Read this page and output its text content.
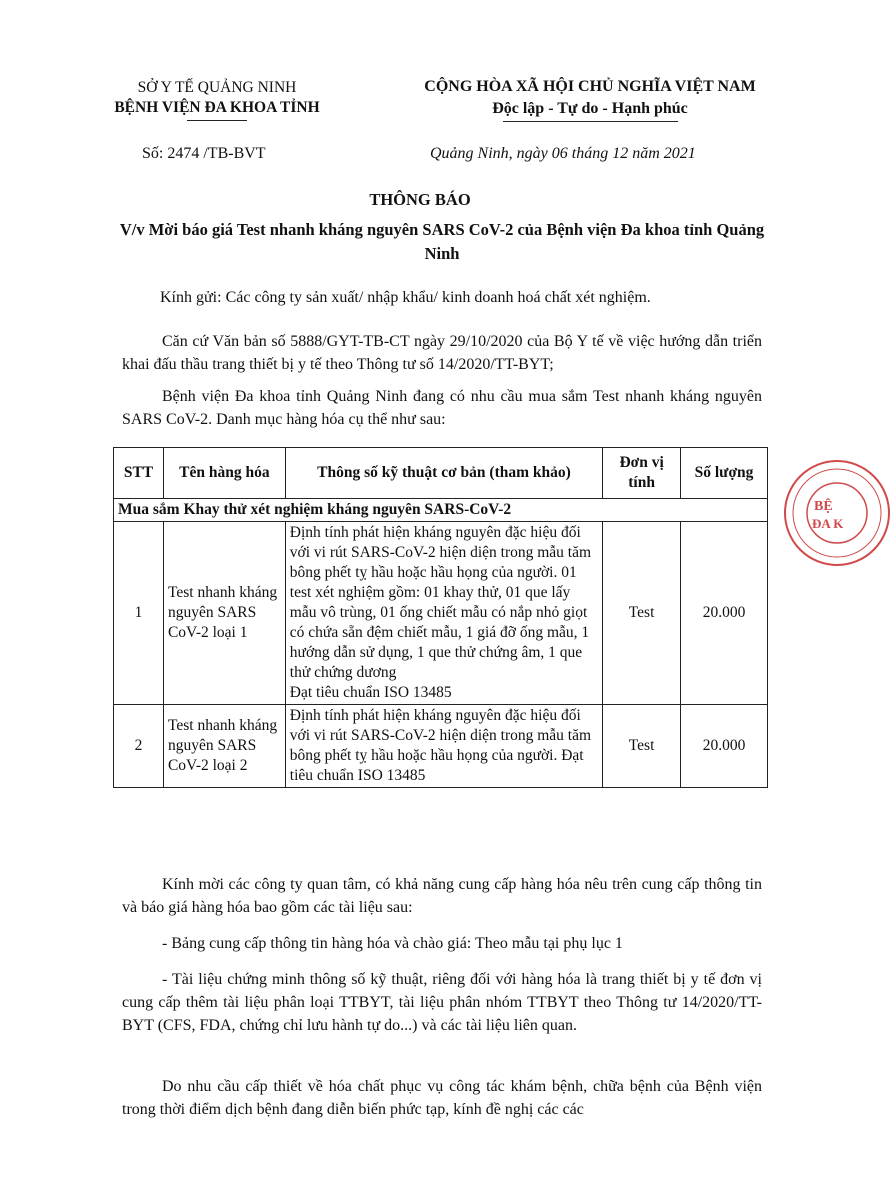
SỞ Y TẾ QUẢNG NINH
BỆNH VIỆN ĐA KHOA TỈNH
CỘNG HÒA XÃ HỘI CHỦ NGHĨA VIỆT NAM
Độc lập - Tự do - Hạnh phúc
Số: 2474 /TB-BVT	Quảng Ninh, ngày 06 tháng 12 năm 2021
THÔNG BÁO
V/v Mời báo giá Test nhanh kháng nguyên SARS CoV-2 của Bệnh viện Đa khoa tỉnh Quảng Ninh
Kính gửi: Các công ty sản xuất/ nhập khẩu/ kinh doanh hoá chất xét nghiệm.
Căn cứ Văn bản số 5888/GYT-TB-CT ngày 29/10/2020 của Bộ Y tế về việc hướng dẫn triển khai đấu thầu trang thiết bị y tế theo Thông tư số 14/2020/TT-BYT;
Bệnh viện Đa khoa tỉnh Quảng Ninh đang có nhu cầu mua sắm Test nhanh kháng nguyên SARS CoV-2. Danh mục hàng hóa cụ thể như sau:
STT	Tên hàng hóa	Thông số kỹ thuật cơ bản (tham khảo)	Đơn vị tính	Số lượng
Mua sắm Khay thử xét nghiệm kháng nguyên SARS-CoV-2				
1	Test nhanh kháng nguyên SARS CoV-2 loại 1	Định tính phát hiện kháng nguyên đặc hiệu đối với vi rút SARS-CoV-2 hiện diện trong mẫu tăm bông phết tỵ hầu hoặc hầu họng của người. 01 test xét nghiệm gồm: 01 khay thử, 01 que lấy mẫu vô trùng, 01 ống chiết mẫu có nắp nhỏ giọt có chứa sẵn đệm chiết mẫu, 1 giá đỡ ống mẫu, 1 hướng dẫn sử dụng, 1 que thử chứng âm, 1 que thử chứng dương
Đạt tiêu chuẩn ISO 13485	Test	20.000
2	Test nhanh kháng nguyên SARS CoV-2 loại 2	Định tính phát hiện kháng nguyên đặc hiệu đối với vi rút SARS-CoV-2 hiện diện trong mẫu tăm bông phết tỵ hầu hoặc hầu họng của người. Đạt tiêu chuẩn ISO 13485	Test	20.000
Kính mời các công ty quan tâm, có khả năng cung cấp hàng hóa nêu trên cung cấp thông tin và báo giá hàng hóa bao gồm các tài liệu sau:
- Bảng cung cấp thông tin hàng hóa và chào giá: Theo mẫu tại phụ lục 1
- Tài liệu chứng minh thông số kỹ thuật, riêng đối với hàng hóa là trang thiết bị y tế đơn vị cung cấp thêm tài liệu phân loại TTBYT, tài liệu phân nhóm TTBYT theo Thông tư 14/2020/TT-BYT (CFS, FDA, chứng chỉ lưu hành tự do...) và các tài liệu liên quan.
Do nhu cầu cấp thiết về hóa chất phục vụ công tác khám bệnh, chữa bệnh của Bệnh viện trong thời điểm dịch bệnh đang diễn biến phức tạp, kính đề nghị các các
BỆ
ĐA K
